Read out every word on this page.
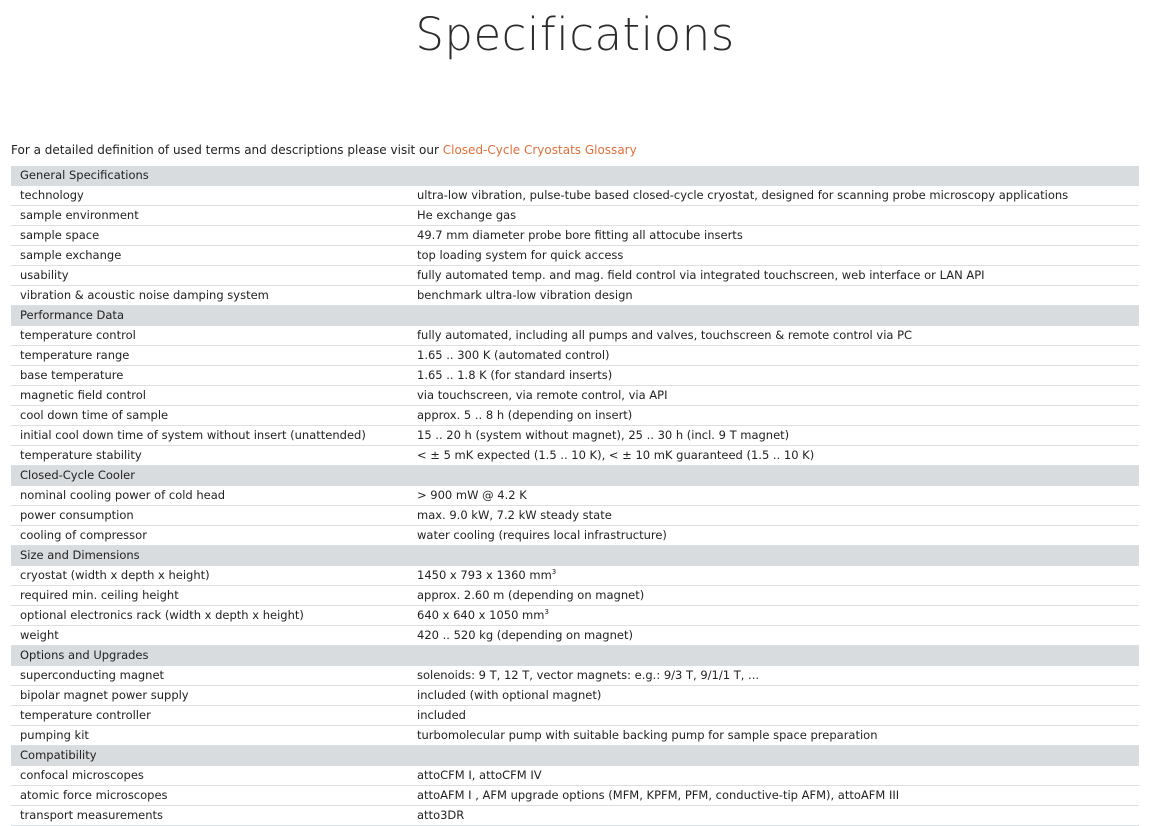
Specifications
For a detailed definition of used terms and descriptions please visit our Closed-Cycle Cryostats Glossary
General Specifications	
technology	ultra-low vibration, pulse-tube based closed-cycle cryostat, designed for scanning probe microscopy applications
sample environment	He exchange gas
sample space	49.7 mm diameter probe bore fitting all attocube inserts
sample exchange	top loading system for quick access
usability	fully automated temp. and mag. field control via integrated touchscreen, web interface or LAN API
vibration & acoustic noise damping system	benchmark ultra-low vibration design
Performance Data	
temperature control	fully automated, including all pumps and valves, touchscreen & remote control via PC
temperature range	1.65 .. 300 K (automated control)
base temperature	1.65 .. 1.8 K (for standard inserts)
magnetic field control	via touchscreen, via remote control, via API
cool down time of sample	approx. 5 .. 8 h (depending on insert)
initial cool down time of system without insert (unattended)	15 .. 20 h (system without magnet), 25 .. 30 h (incl. 9 T magnet)
temperature stability	< ± 5 mK expected (1.5 .. 10 K), < ± 10 mK guaranteed (1.5 .. 10 K)
Closed-Cycle Cooler	
nominal cooling power of cold head	> 900 mW @ 4.2 K
power consumption	max. 9.0 kW, 7.2 kW steady state
cooling of compressor	water cooling (requires local infrastructure)
Size and Dimensions	
cryostat (width x depth x height)	1450 x 793 x 1360 $mm^3$
required min. ceiling height	approx. 2.60 m (depending on magnet)
optional electronics rack (width x depth x height)	640 x 640 x 1050 $mm^3$
weight	420 .. 520 kg (depending on magnet)
Options and Upgrades	
superconducting magnet	solenoids: 9 T, 12 T, vector magnets: e.g.: 9/3 T, 9/1/1 T, ...
bipolar magnet power supply	included (with optional magnet)
temperature controller	included
pumping kit	turbomolecular pump with suitable backing pump for sample space preparation
Compatibility	
confocal microscopes	attoCFM I, attoCFM IV
atomic force microscopes	attoAFM I , AFM upgrade options (MFM, KPFM, PFM, conductive-tip AFM), attoAFM III
transport measurements	atto3DR
